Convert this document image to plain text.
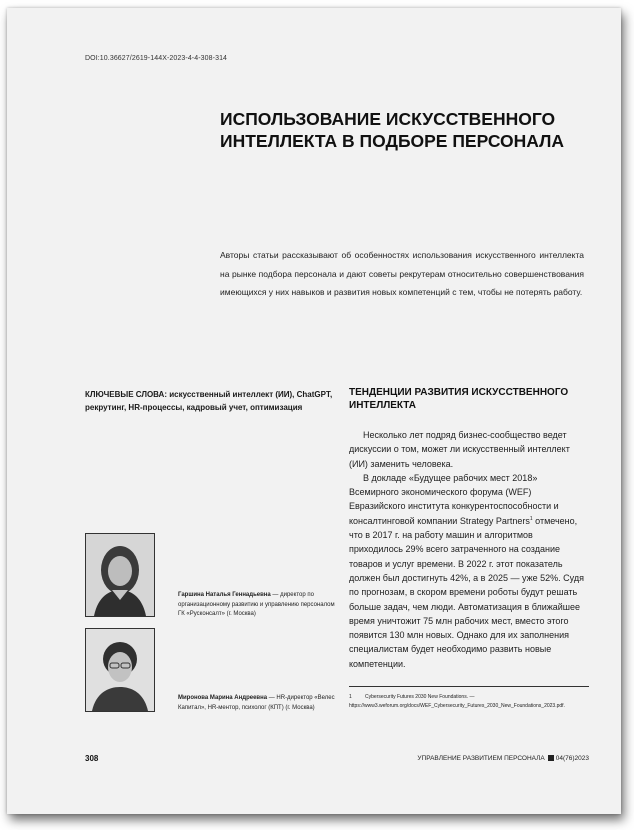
DOI:10.36627/2619-144X-2023-4-4-308-314
ИСПОЛЬЗОВАНИЕ ИСКУССТВЕННОГО
ИНТЕЛЛЕКТА В ПОДБОРЕ ПЕРСОНАЛА
Авторы статьи рассказывают об особенностях использования искусственного интеллекта на рынке подбора персонала и дают советы рекрутерам относительно совершенствования имеющихся у них навыков и развития новых компетенций с тем, чтобы не потерять работу.
КЛЮЧЕВЫЕ СЛОВА: искусственный интеллект (ИИ), ChatGPT, рекрутинг, HR-процессы, кадровый учет, оптимизация
ТЕНДЕНЦИИ РАЗВИТИЯ ИСКУССТВЕННОГО ИНТЕЛЛЕКТА

Несколько лет подряд бизнес-сообщество ведет дискуссии о том, может ли искусственный интеллект (ИИ) заменить человека.

В докладе «Будущее рабочих мест 2018» Всемирного экономического форума (WEF) Евразийского института конкурентоспособности и консалтинговой компании Strategy Partners$^1$ отмечено, что в 2017 г. на работу машин и алгоритмов приходилось 29% всего затраченного на создание товаров и услуг времени. В 2022 г. этот показатель должен был достигнуть 42%, а в 2025 — уже 52%. Судя по прогнозам, в скором времени роботы будут решать больше задач, чем люди. Автоматизация в ближайшее время уничтожит 75 млн рабочих мест, вместо этого появится 130 млн новых. Однако для их заполнения специалистам будет необходимо развить новые компетенции.

Гаршина Наталья Геннадьевна — директор по организационному развитию и управлению персоналом ГК «Русконсалт» (г. Москва)
Миронова Марина Андреевна — HR-директор «Велес Капитал», HR-ментор, психолог (КПТ) (г. Москва)
1	Cybersecurity Futures 2030 New Foundations. — https://www3.weforum.org/docs/WEF_Cybersecurity_Futures_2030_New_Foundations_2023.pdf.
308	УПРАВЛЕНИЕ РАЗВИТИЕМ ПЕРСОНАЛА 04(76)2023
